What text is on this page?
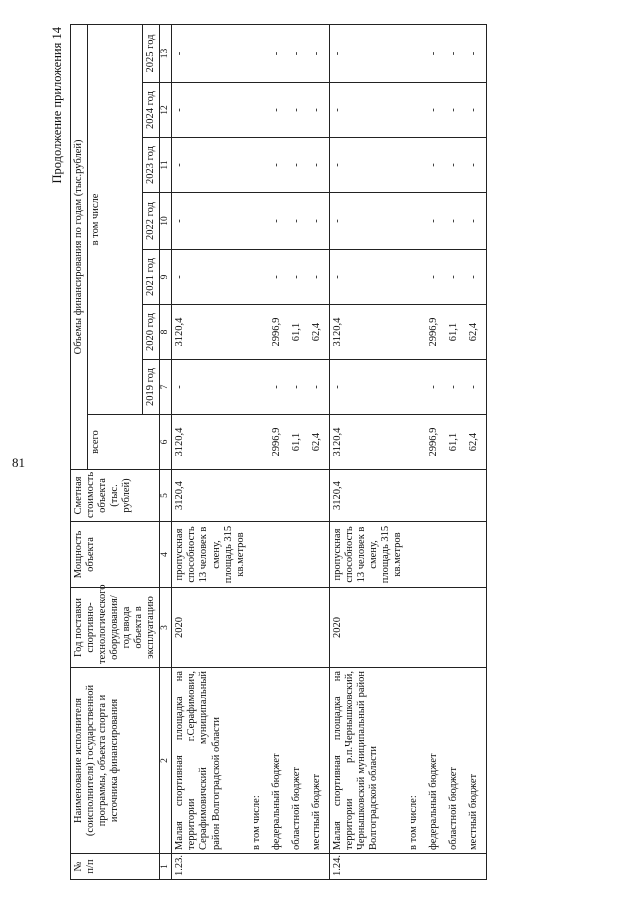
81
Продолжение приложения 14
№ п/п	Наименование исполнителя (соисполнителя) государственной программы, объекта спорта и источника финансирования	Год поставки спортивно-технологического оборудования/ год ввода объекта в эксплуатацию	Мощность объекта	Сметная стоимость объекта (тыс. рублей)	Объемы финансирования по годам (тыс.рублей)							
					всего	в том числе						
						2019 год	2020 год	2021 год	2022 год	2023 год	2024 год	2025 год
1	2	3	4	5	6	7	8	9	10	11	12	13
1.23.	Малая спортивная площадка на территории г.Серафимович, Серафимовичский муниципальный район Волгоградской области	2020	пропускная способность 13 человек в смену, площадь 315 кв.метров	3120,4	3120,4	-	3120,4	-	-	-	-	-
	в том числе:											
	федеральный бюджет				2996,9	-	2996,9	-	-	-	-	-
	областной бюджет				61,1	-	61,1	-	-	-	-	-
	местный бюджет				62,4	-	62,4	-	-	-	-	-
1.24.	Малая спортивная площадка на территории р.п.Чернышковский, Чернышковский муниципальный район Волгоградской области	2020	пропускная способность 13 человек в смену, площадь 315 кв.метров	3120,4	3120,4	-	3120,4	-	-	-	-	-
	в том числе:											
	федеральный бюджет				2996,9	-	2996,9	-	-	-	-	-
	областной бюджет				61,1	-	61,1	-	-	-	-	-
	местный бюджет				62,4	-	62,4	-	-	-	-	-
